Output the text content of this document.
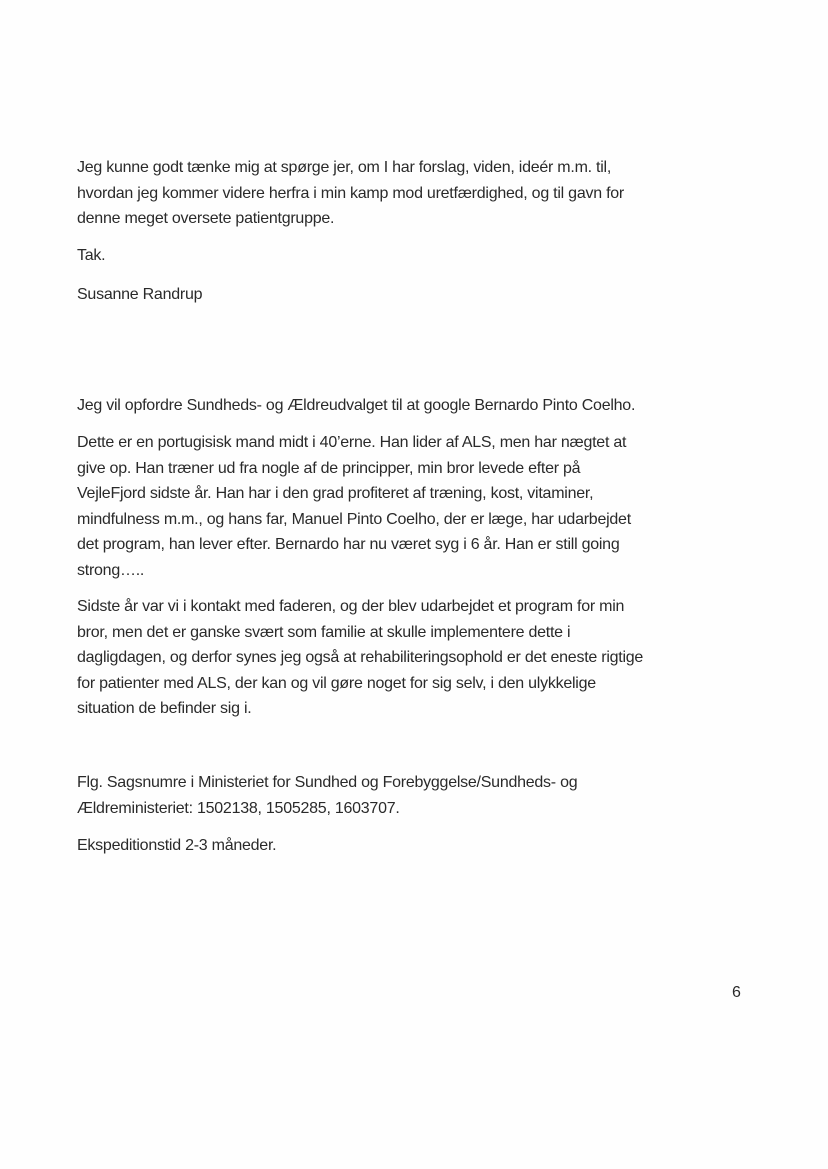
Jeg kunne godt tænke mig at spørge jer, om I har forslag, viden, ideér m.m. til,
hvordan jeg kommer videre herfra i min kamp mod uretfærdighed, og til gavn for
denne meget oversete patientgruppe.

Tak.

Susanne Randrup

Jeg vil opfordre Sundheds- og Ældreudvalget til at google Bernardo Pinto Coelho.

Dette er en portugisisk mand midt i 40’erne. Han lider af ALS, men har nægtet at
give op. Han træner ud fra nogle af de principper, min bror levede efter på
VejleFjord sidste år. Han har i den grad profiteret af træning, kost, vitaminer,
mindfulness m.m., og hans far, Manuel Pinto Coelho, der er læge, har udarbejdet
det program, han lever efter. Bernardo har nu været syg i 6 år. Han er still going
strong…..

Sidste år var vi i kontakt med faderen, og der blev udarbejdet et program for min
bror, men det er ganske svært som familie at skulle implementere dette i
dagligdagen, og derfor synes jeg også at rehabiliteringsophold er det eneste rigtige
for patienter med ALS, der kan og vil gøre noget for sig selv, i den ulykkelige
situation de befinder sig i.

Flg. Sagsnumre i Ministeriet for Sundhed og Forebyggelse/Sundheds- og
Ældreministeriet: 1502138, 1505285, 1603707.

Ekspeditionstid 2-3 måneder.

6
